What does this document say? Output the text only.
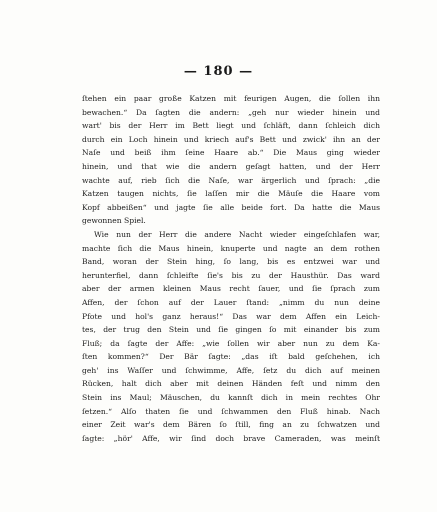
— 180 —
ſtehen ein paar große Katzen mit feurigen Augen, die ſollen ihn
bewachen.“ Da ſagten die andern: „geh nur wieder hinein und
wart' bis der Herr im Bett liegt und ſchläft, dann ſchleich dich
durch ein Loch hinein und kriech auf's Bett und zwick' ihn an der
Naſe und beiß ihm ſeine Haare ab.“ Die Maus ging wieder
hinein, und that wie die andern geſagt hatten, und der Herr
wachte auf, rieb ſich die Naſe, war ärgerlich und ſprach: „die
Katzen taugen nichts, ſie laſſen mir die Mäuſe die Haare vom
Kopf abbeißen“ und jagte ſie alle beide fort. Da hatte die Maus
gewonnen Spiel.
Wie nun der Herr die andere Nacht wieder eingeſchlafen war,
machte ſich die Maus hinein, knuperte und nagte an dem rothen
Band, woran der Stein hing, ſo lang, bis es entzwei war und
herunterfiel, dann ſchleifte ſie's bis zu der Hausthür. Das ward
aber der armen kleinen Maus recht ſauer, und ſie ſprach zum
Affen, der ſchon auf der Lauer ſtand: „nimm du nun deine
Pfote und hol's ganz heraus!“ Das war dem Affen ein Leich-
tes, der trug den Stein und ſie gingen ſo mit einander bis zum
Fluß; da ſagte der Affe: „wie ſollen wir aber nun zu dem Ka-
ſten kommen?“ Der Bär ſagte: „das iſt bald geſchehen, ich
geh' ins Waſſer und ſchwimme, Affe, ſetz du dich auf meinen
Rücken, halt dich aber mit deinen Händen feſt und nimm den
Stein ins Maul; Mäuschen, du kannſt dich in mein rechtes Ohr
ſetzen.“ Alſo thaten ſie und ſchwammen den Fluß hinab. Nach
einer Zeit war's dem Bären ſo ſtill, fing an zu ſchwatzen und
ſagte: „hör' Affe, wir ſind doch brave Cameraden, was meinſt
